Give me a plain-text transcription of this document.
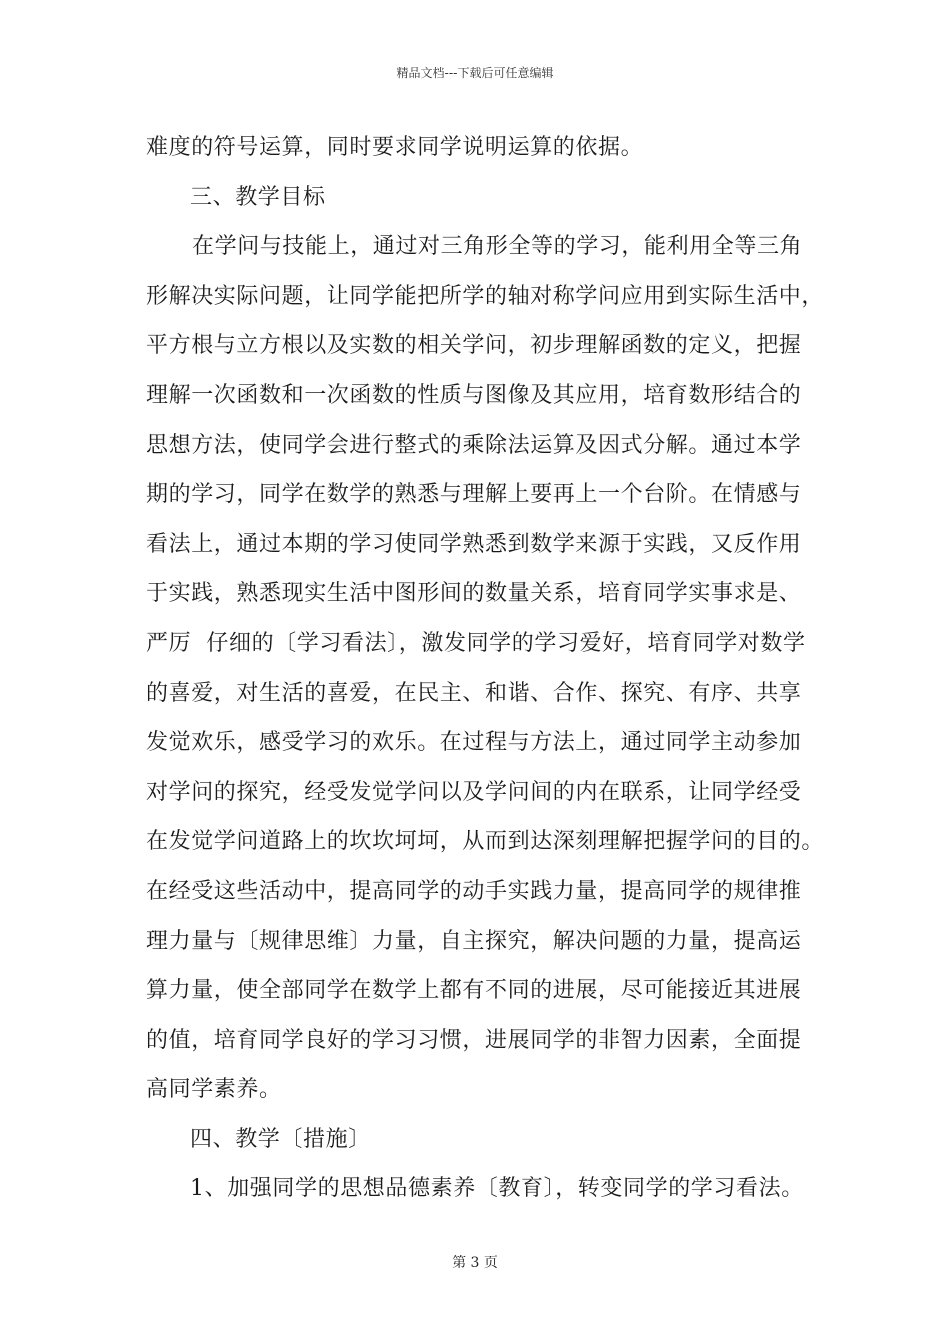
精品文档---下载后可任意编辑
难度的符号运算，同时要求同学说明运算的依据。
三、教学目标
在学问与技能上，通过对三角形全等的学习，能利用全等三角
形解决实际问题，让同学能把所学的轴对称学问应用到实际生活中，
平方根与立方根以及实数的相关学问，初步理解函数的定义，把握
理解一次函数和一次函数的性质与图像及其应用，培育数形结合的
思想方法，使同学会进行整式的乘除法运算及因式分解。通过本学
期的学习，同学在数学的熟悉与理解上要再上一个台阶。在情感与
看法上，通过本期的学习使同学熟悉到数学来源于实践，又反作用
于实践，熟悉现实生活中图形间的数量关系，培育同学实事求是、
严厉  仔细的〔学习看法〕，激发同学的学习爱好，培育同学对数学
的喜爱，对生活的喜爱，在民主、和谐、合作、探究、有序、共享
发觉欢乐，感受学习的欢乐。在过程与方法上，通过同学主动参加
对学问的探究，经受发觉学问以及学问间的内在联系，让同学经受
在发觉学问道路上的坎坎坷坷，从而到达深刻理解把握学问的目的。
在经受这些活动中，提高同学的动手实践力量，提高同学的规律推
理力量与〔规律思维〕力量，自主探究，解决问题的力量，提高运
算力量，使全部同学在数学上都有不同的进展，尽可能接近其进展
的值，培育同学良好的学习习惯，进展同学的非智力因素，全面提
高同学素养。
四、教学〔措施〕
1、加强同学的思想品德素养〔教育〕，转变同学的学习看法。
第 3 页
